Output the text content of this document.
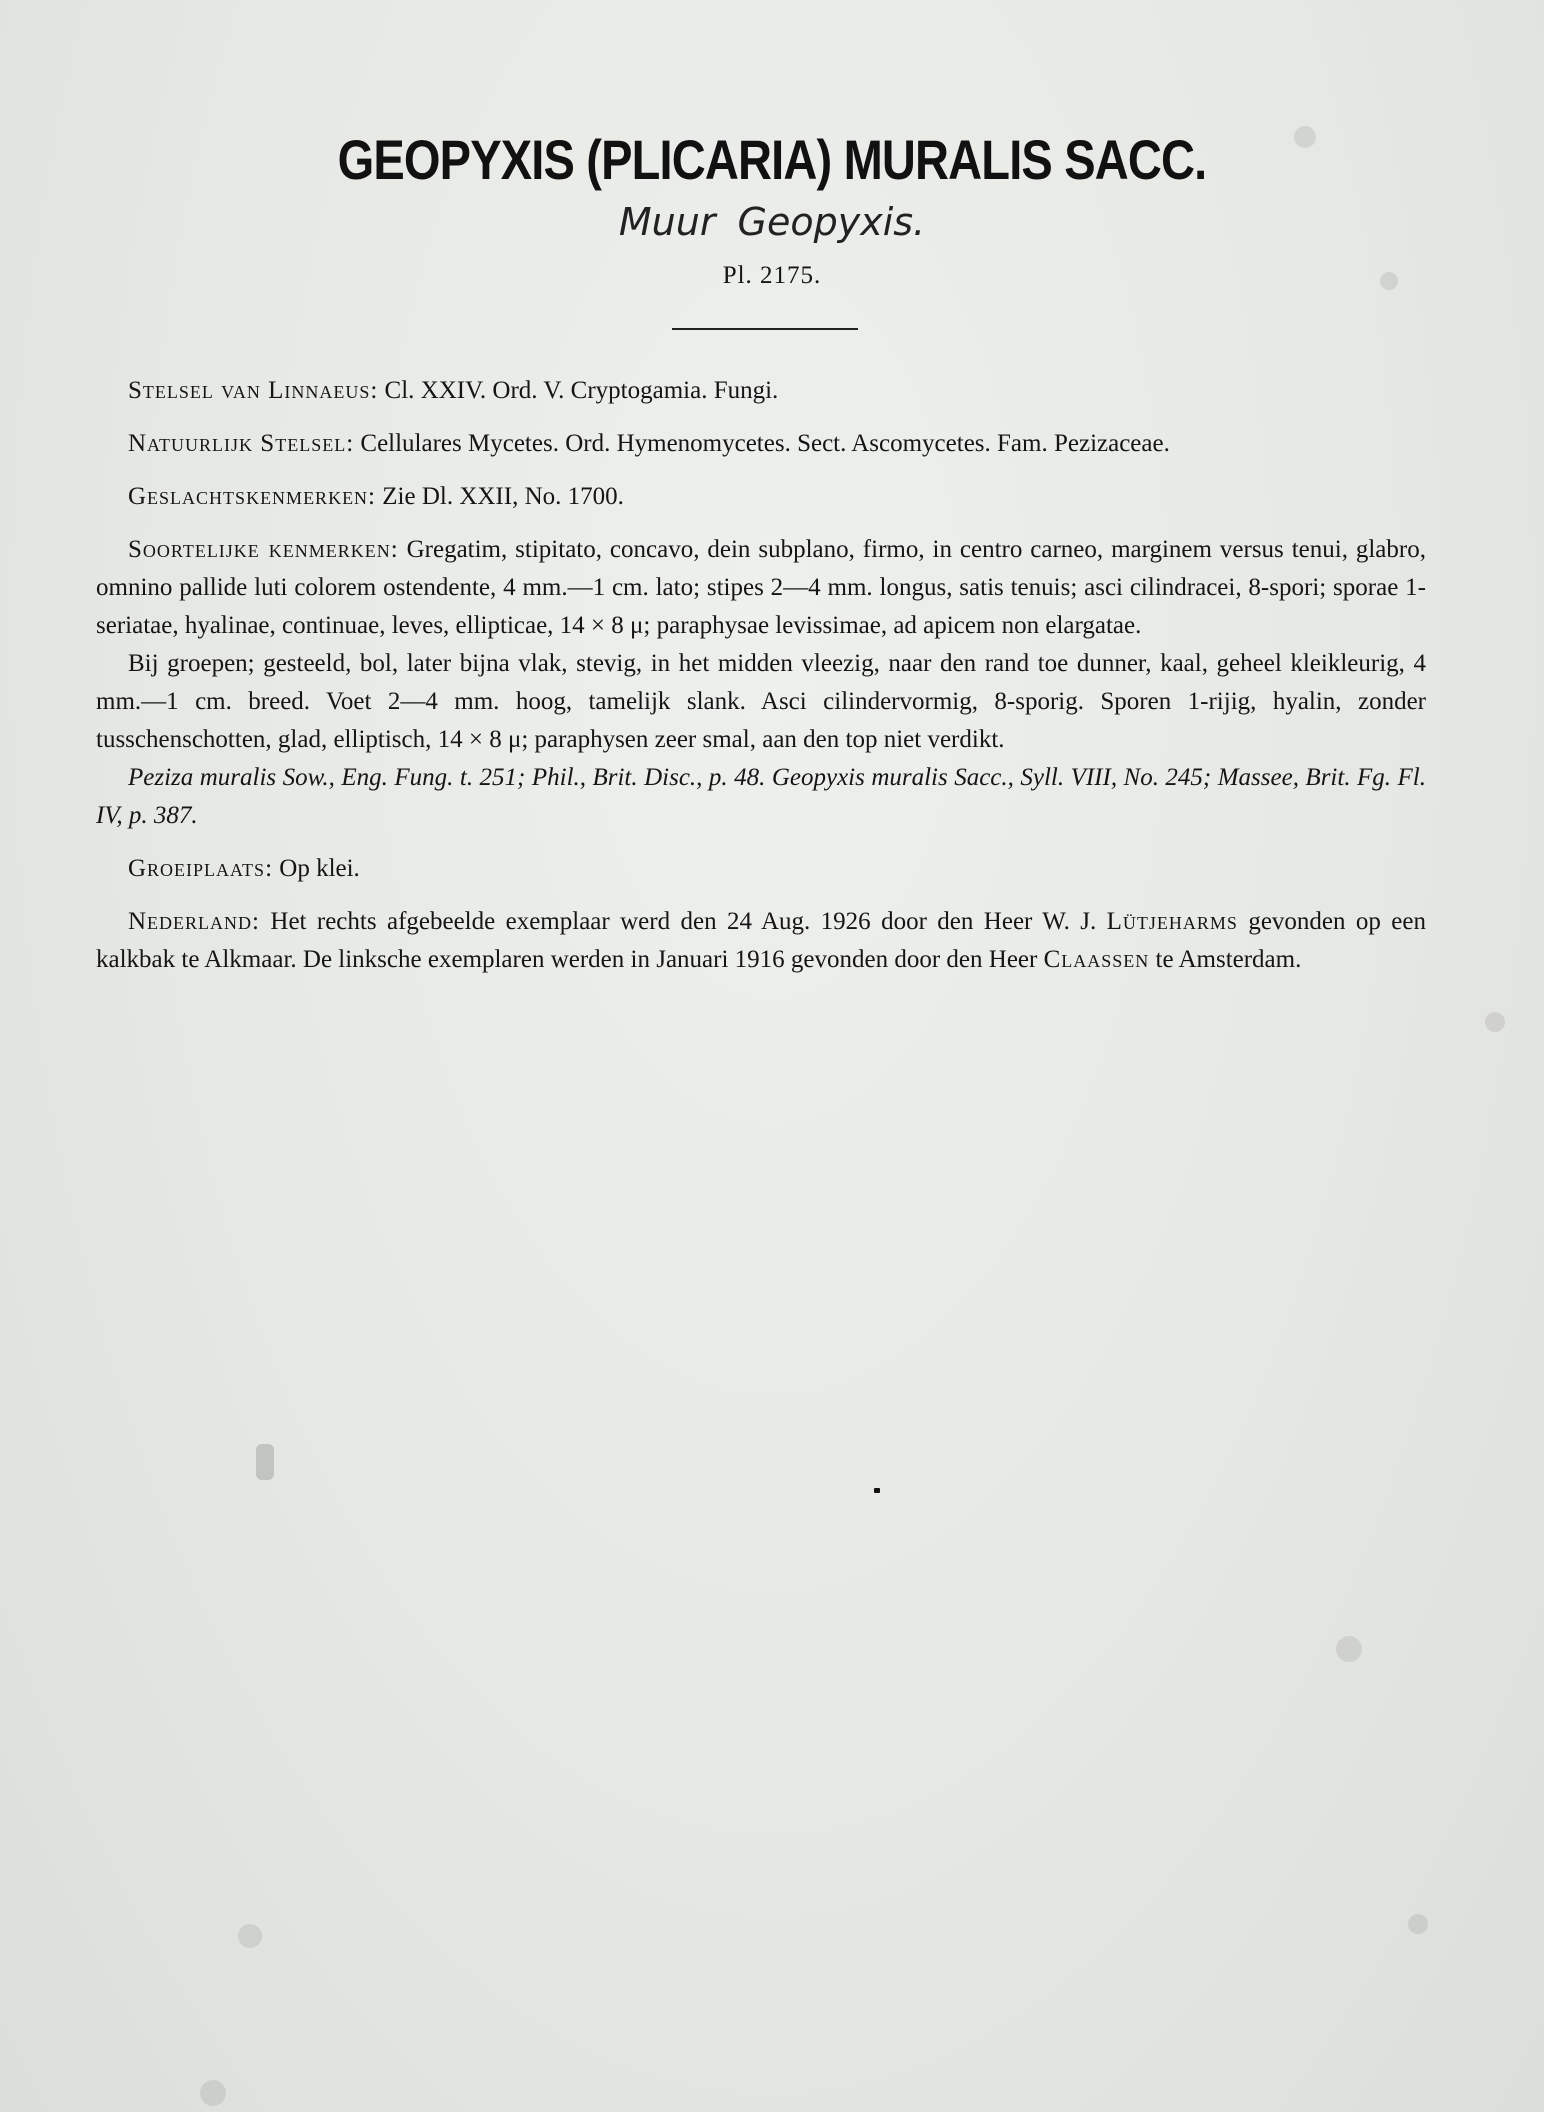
GEOPYXIS (PLICARIA) MURALIS SACC.
Muur Geopyxis.
Pl. 2175.

Stelsel van Linnaeus: Cl. XXIV. Ord. V. Cryptogamia. Fungi.

Natuurlijk Stelsel: Cellulares Mycetes. Ord. Hymenomycetes. Sect. Ascomycetes. Fam. Pezizaceae.

Geslachtskenmerken: Zie Dl. XXII, No. 1700.

Soortelijke kenmerken: Gregatim, stipitato, concavo, dein subplano, firmo, in centro carneo, marginem versus tenui, glabro, omnino pallide luti colorem ostendente, 4 mm.—1 cm. lato; stipes 2—4 mm. longus, satis tenuis; asci cilindracei, 8-spori; sporae 1-seriatae, hyalinae, continuae, leves, ellipticae, 14 × 8 μ; paraphysae levissimae, ad apicem non elargatae.

Bij groepen; gesteeld, bol, later bijna vlak, stevig, in het midden vleezig, naar den rand toe dunner, kaal, geheel kleikleurig, 4 mm.—1 cm. breed. Voet 2—4 mm. hoog, tamelijk slank. Asci cilindervormig, 8-sporig. Sporen 1-rijig, hyalin, zonder tusschenschotten, glad, elliptisch, 14 × 8 μ; paraphysen zeer smal, aan den top niet verdikt.

Peziza muralis Sow., Eng. Fung. t. 251; Phil., Brit. Disc., p. 48. Geopyxis muralis Sacc., Syll. VIII, No. 245; Massee, Brit. Fg. Fl. IV, p. 387.

Groeiplaats: Op klei.

Nederland: Het rechts afgebeelde exemplaar werd den 24 Aug. 1926 door den Heer W. J. Lütjeharms gevonden op een kalkbak te Alkmaar. De linksche exemplaren werden in Januari 1916 gevonden door den Heer Claassen te Amsterdam.
